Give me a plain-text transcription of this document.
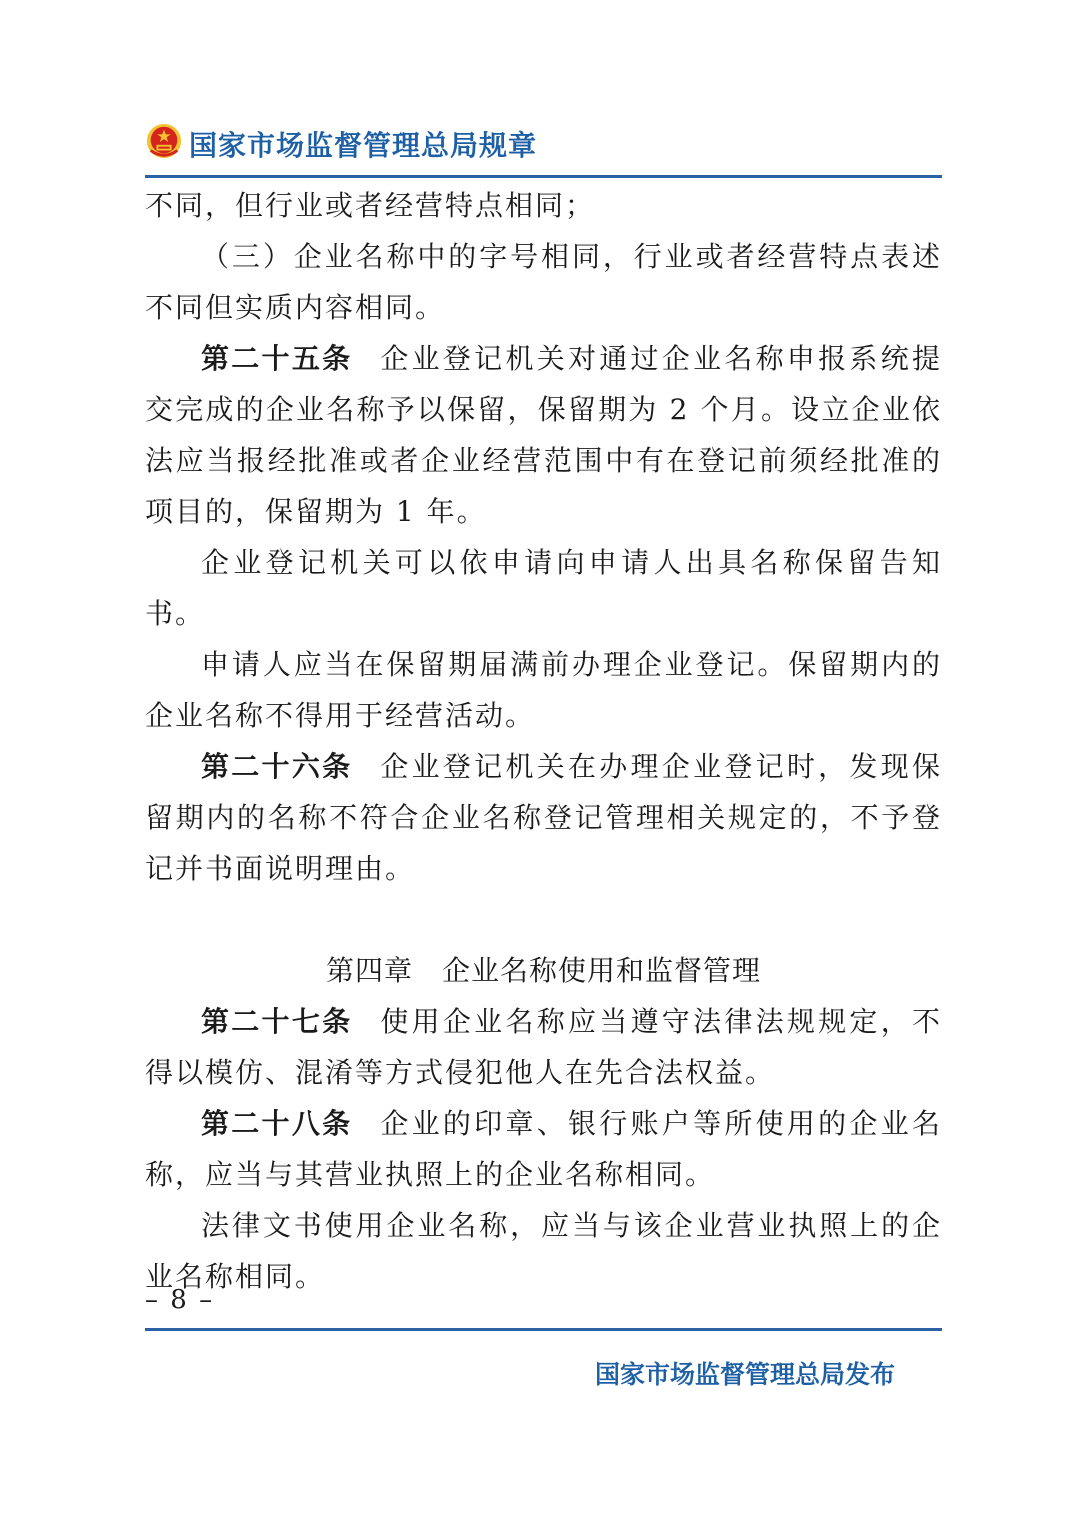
国家市场监督管理总局规章

不同，但行业或者经营特点相同；

（三）企业名称中的字号相同，行业或者经营特点表述不同但实质内容相同。

第二十五条 企业登记机关对通过企业名称申报系统提交完成的企业名称予以保留，保留期为 2 个月。设立企业依法应当报经批准或者企业经营范围中有在登记前须经批准的项目的，保留期为 1 年。

企业登记机关可以依申请向申请人出具名称保留告知书。

申请人应当在保留期届满前办理企业登记。保留期内的企业名称不得用于经营活动。

第二十六条 企业登记机关在办理企业登记时，发现保留期内的名称不符合企业名称登记管理相关规定的，不予登记并书面说明理由。

第四章　企业名称使用和监督管理

第二十七条 使用企业名称应当遵守法律法规规定，不得以模仿、混淆等方式侵犯他人在先合法权益。

第二十八条 企业的印章、银行账户等所使用的企业名称，应当与其营业执照上的企业名称相同。

法律文书使用企业名称，应当与该企业营业执照上的企业名称相同。

– 8 –
国家市场监督管理总局发布
